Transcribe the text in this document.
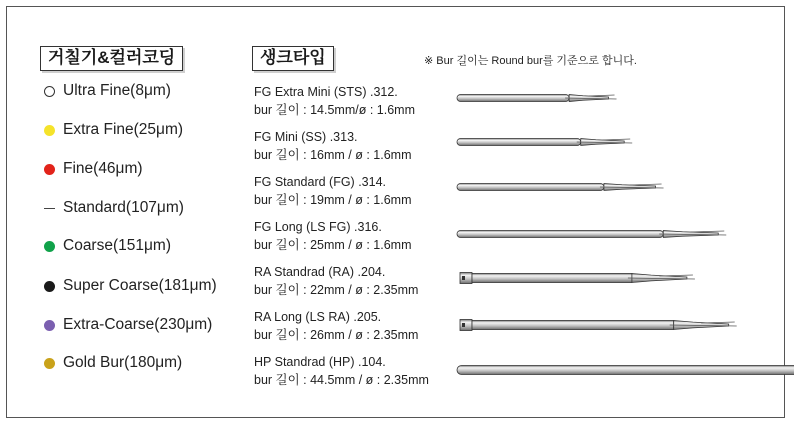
거칠기&컬러코딩	생크타입	※ Bur 길이는 Round bur를 기준으로 합니다.
Ultra Fine(8μm)
Extra Fine(25μm)
Fine(46μm)
Standard(107μm)
Coarse(151μm)
Super Coarse(181μm)
Extra-Coarse(230μm)
Gold Bur(180μm)
FG Extra Mini (STS) .312.
bur 길이 : 14.5mm/ø : 1.6mm
FG Mini (SS) .313.
bur 길이 : 16mm / ø : 1.6mm
FG Standard (FG) .314.
bur 길이 : 19mm / ø : 1.6mm
FG Long (LS FG) .316.
bur 길이 : 25mm / ø : 1.6mm
RA Standrad (RA) .204.
bur 길이 : 22mm / ø : 2.35mm
RA Long (LS RA) .205.
bur 길이 : 26mm / ø : 2.35mm
HP Standrad (HP) .104.
bur 길이 : 44.5mm / ø : 2.35mm
